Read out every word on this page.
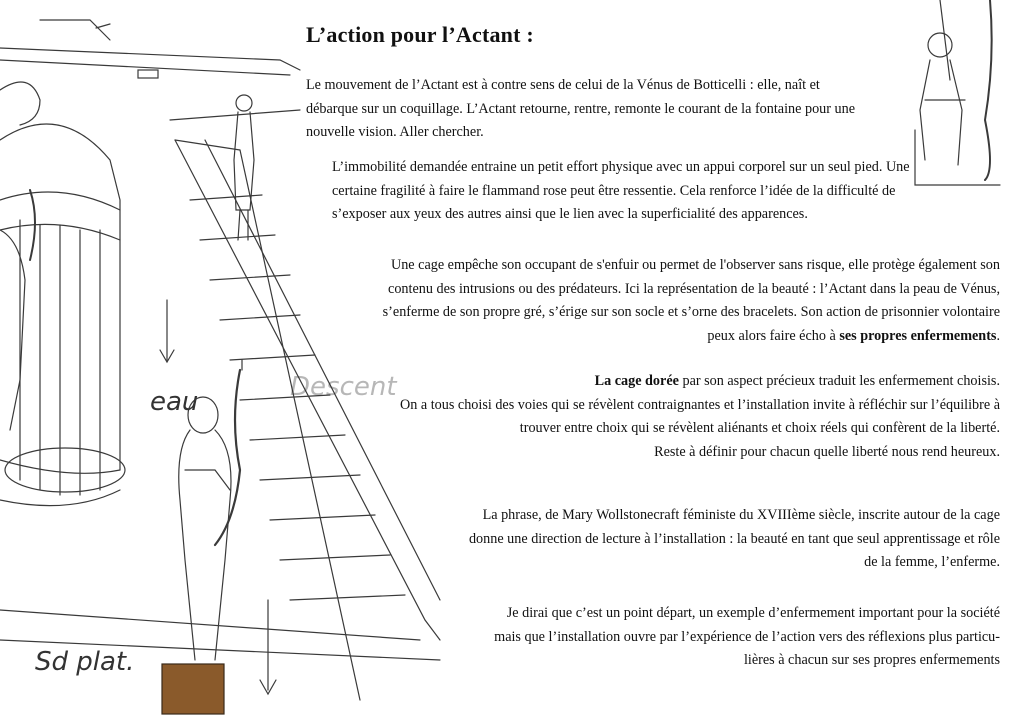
eau
Sd plat.
Descent
L’action pour l’Actant :

Le mouvement de l’Actant est à contre sens de celui de la Vénus de Botticelli : elle, naît et

débarque sur un coquillage. L’Actant retourne, rentre, remonte le courant de la fontaine pour une

nouvelle vision. Aller chercher.

L’immobilité demandée entraine un petit effort physique avec un appui corporel sur un seul pied. Une

certaine fragilité à faire le flammand rose peut être ressentie. Cela renforce l’idée de la difficulté de

s’exposer aux yeux des autres ainsi que le lien avec la superficialité des apparences.

Une cage empêche son occupant de s'enfuir ou permet de l'observer sans risque, elle protège également son

contenu des intrusions ou des prédateurs. Ici la représentation de la beauté : l’Actant dans la peau de Vénus,

s’enferme de son propre gré, s’érige sur son socle et s’orne des bracelets. Son action de prisonnier volontaire

peux alors faire écho à ses propres enfermements.

La cage dorée par son aspect précieux traduit les enfermement choisis.

On a tous choisi des voies qui se révèlent contraignantes et l’installation invite à réfléchir sur l’équilibre à

trouver entre choix qui se révèlent aliénants et choix réels qui confèrent de la liberté.

Reste à définir pour chacun quelle liberté nous rend heureux.

La phrase, de Mary Wollstonecraft féministe du XVIIIème siècle, inscrite autour de la cage

donne une direction de lecture à l’installation : la beauté en tant que seul apprentissage et rôle

de la femme, l’enferme.

Je dirai que c’est un point départ, un exemple d’enfermement important pour la société

mais que l’installation ouvre par l’expérience de l’action vers des réflexions plus particu-

lières à chacun sur ses propres enfermements
